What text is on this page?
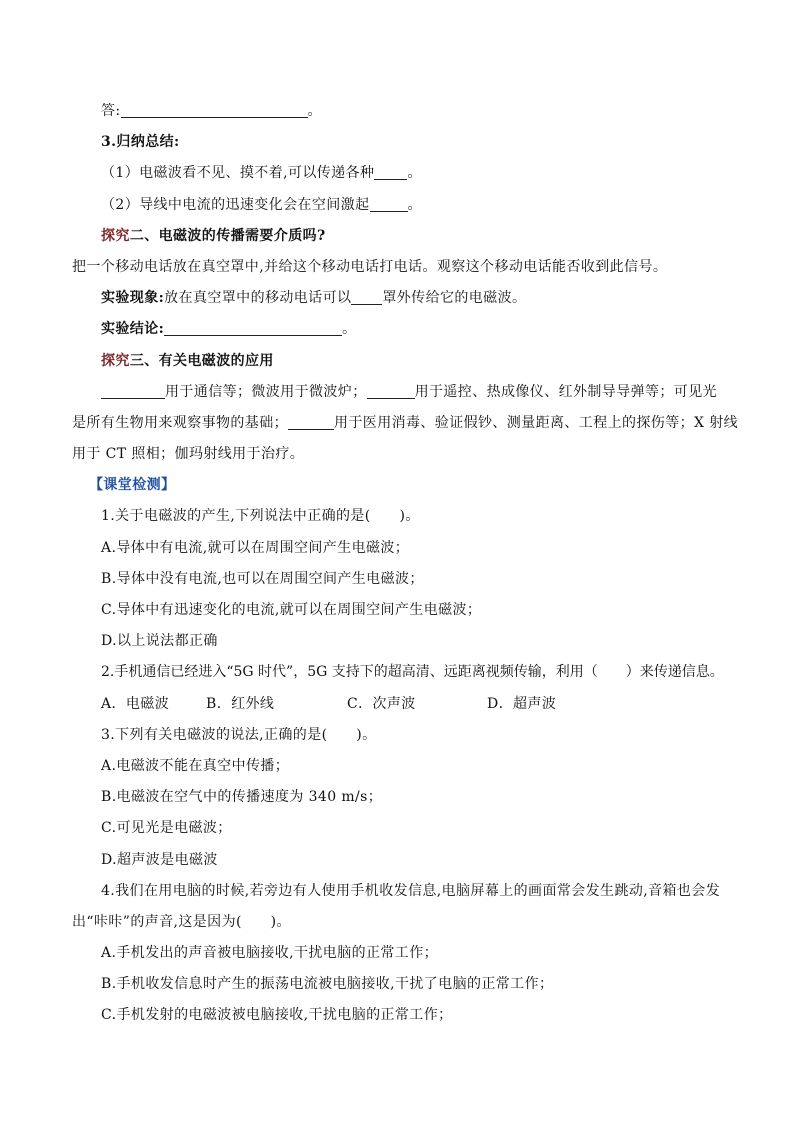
答:	。
3.归纳总结:
（1）电磁波看不见、摸不着,可以传递各种 。
（2）导线中电流的迅速变化会在空间激起	。
探究二、电磁波的传播需要介质吗?
把一个移动电话放在真空罩中,并给这个移动电话打电话。观察这个移动电话能否收到此信号。
实验现象:放在真空罩中的移动电话可以 罩外传给它的电磁波。
实验结论:	。
探究三、有关电磁波的应用
用于通信等；微波用于微波炉；	用于遥控、热成像仪、红外制导导弹等；可见光
是所有生物用来观察事物的基础；	用于医用消毒、验证假钞、测量距离、工程上的探伤等；X 射线
用于 CT 照相；伽玛射线用于治疗。
【课堂检测】
1.关于电磁波的产生,下列说法中正确的是(　　)。
A.导体中有电流,就可以在周围空间产生电磁波；
B.导体中没有电流,也可以在周围空间产生电磁波；
C.导体中有迅速变化的电流,就可以在周围空间产生电磁波；
D.以上说法都正确
2.手机通信已经进入“5G 时代”，5G 支持下的超高清、远距离视频传输，利用（　　）来传递信息。
A．电磁波	B．红外线	C．次声波	D．超声波
3.下列有关电磁波的说法,正确的是(　　)。
A.电磁波不能在真空中传播；
B.电磁波在空气中的传播速度为 340 m/s；
C.可见光是电磁波；
D.超声波是电磁波
4.我们在用电脑的时候,若旁边有人使用手机收发信息,电脑屏幕上的画面常会发生跳动,音箱也会发
出“咔咔”的声音,这是因为(　　)。
A.手机发出的声音被电脑接收,干扰电脑的正常工作；
B.手机收发信息时产生的振荡电流被电脑接收,干扰了电脑的正常工作；
C.手机发射的电磁波被电脑接收,干扰电脑的正常工作；
